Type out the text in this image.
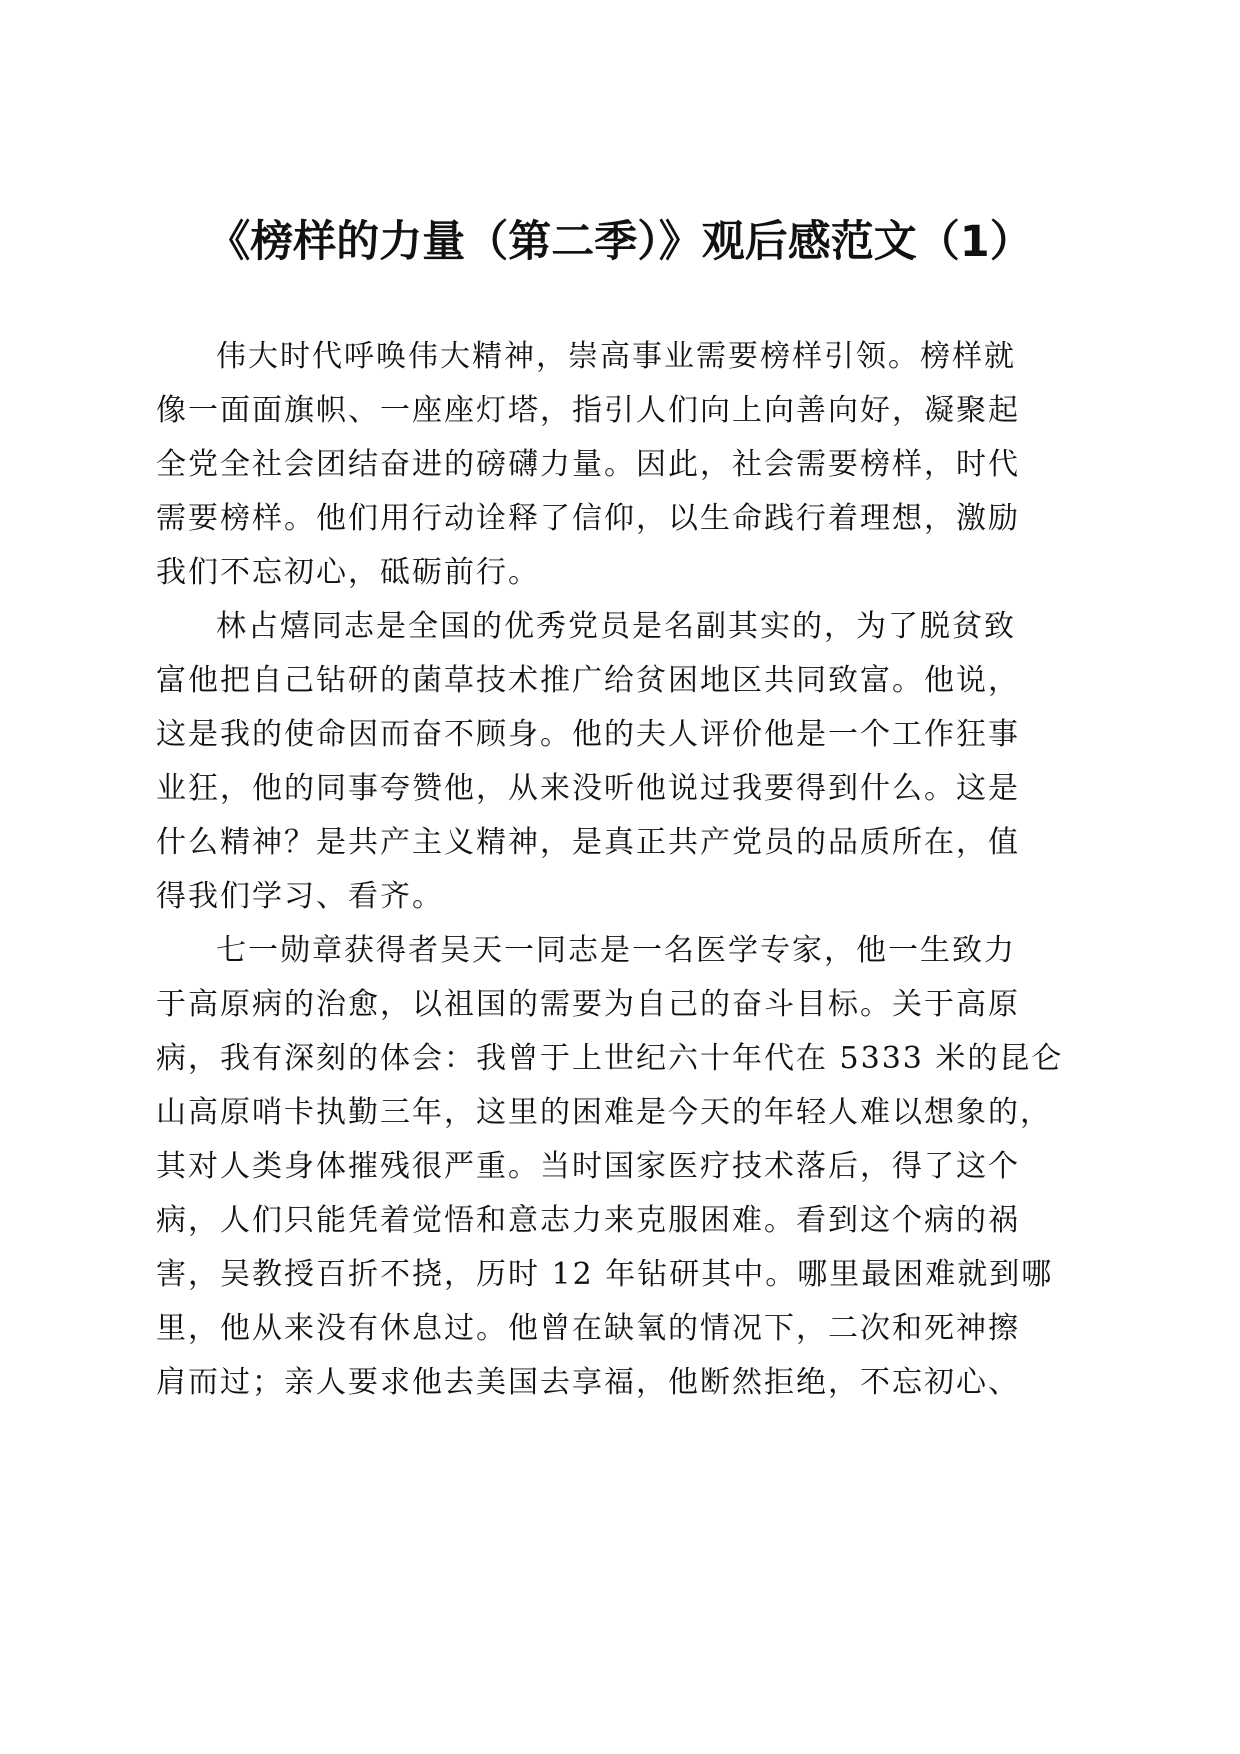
《榜样的力量（第二季）》观后感范文（1）
伟大时代呼唤伟大精神，崇高事业需要榜样引领。榜样就
像一面面旗帜、一座座灯塔，指引人们向上向善向好，凝聚起
全党全社会团结奋进的磅礴力量。因此，社会需要榜样，时代
需要榜样。他们用行动诠释了信仰，以生命践行着理想，激励
我们不忘初心，砥砺前行。
林占熺同志是全国的优秀党员是名副其实的，为了脱贫致
富他把自己钻研的菌草技术推广给贫困地区共同致富。他说，
这是我的使命因而奋不顾身。他的夫人评价他是一个工作狂事
业狂，他的同事夸赞他，从来没听他说过我要得到什么。这是
什么精神？是共产主义精神，是真正共产党员的品质所在，值
得我们学习、看齐。
七一勋章获得者吴天一同志是一名医学专家，他一生致力
于高原病的治愈，以祖国的需要为自己的奋斗目标。关于高原
病，我有深刻的体会：我曾于上世纪六十年代在 5333 米的昆仑
山高原哨卡执勤三年，这里的困难是今天的年轻人难以想象的，
其对人类身体摧残很严重。当时国家医疗技术落后，得了这个
病，人们只能凭着觉悟和意志力来克服困难。看到这个病的祸
害，吴教授百折不挠，历时 12 年钻研其中。哪里最困难就到哪
里，他从来没有休息过。他曾在缺氧的情况下，二次和死神擦
肩而过；亲人要求他去美国去享福，他断然拒绝，不忘初心、
